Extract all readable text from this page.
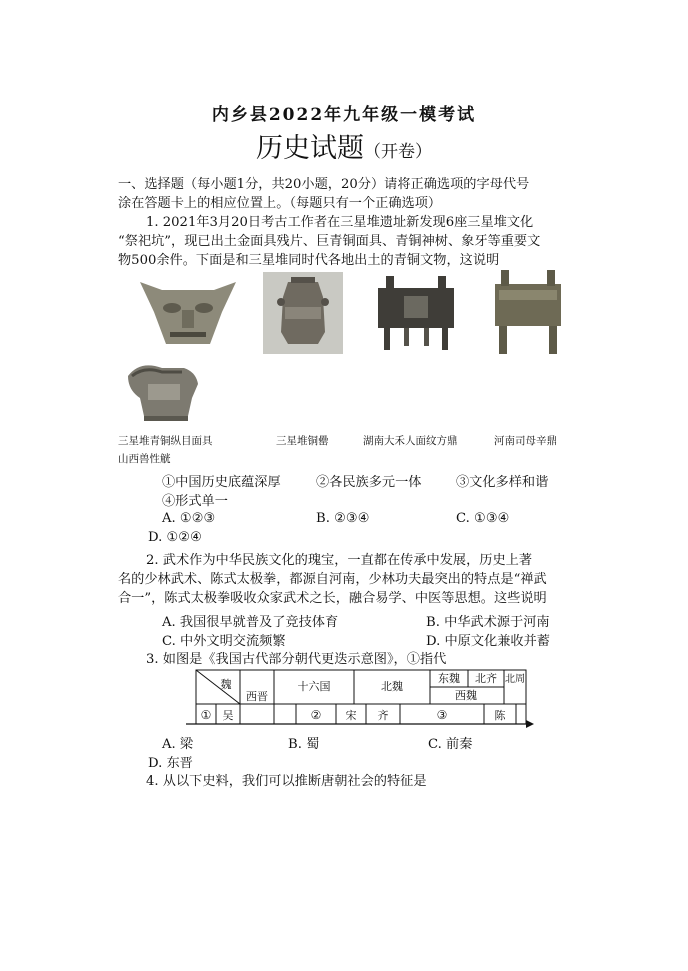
内乡县2022年九年级一模考试
历史试题（开卷）
一、选择题（每小题1分，共20小题，20分）请将正确选项的字母代号
涂在答题卡上的相应位置上。（每题只有一个正确选项）
1. 2021年3月20日考古工作者在三星堆遗址新发现6座三星堆文化
“祭祀坑”，现已出土金面具残片、巨青铜面具、青铜神树、象牙等重要文
物500余件。下面是和三星堆同时代各地出土的青铜文物，这说明
三星堆青铜纵目面具	三星堆铜罍	湖南大禾人面纹方鼎	河南司母辛鼎
山西兽性觥
①中国历史底蕴深厚	②各民族多元一体	③文化多样和谐
④形式单一
A. ①②③	B. ②③④	C. ①③④
D. ①②④
2. 武术作为中华民族文化的瑰宝，一直都在传承中发展，历史上著
名的少林武术、陈式太极拳，都源自河南，少林功夫最突出的特点是“禅武
合一”，陈式太极拳吸收众家武术之长，融合易学、中医等思想。这些说明
A. 我国很早就普及了竞技体育	B. 中华武术源于河南
C. 中外文明交流频繁	D. 中原文化兼收并蓄
3. 如图是《我国古代部分朝代更迭示意图》，①指代
魏
① 吴
西晋
十六国	北魏
东魏 北齐
西魏
北周
② 宋 齐	③	陈
A. 梁	B. 蜀	C. 前秦
D. 东晋
4. 从以下史料，我们可以推断唐朝社会的特征是
